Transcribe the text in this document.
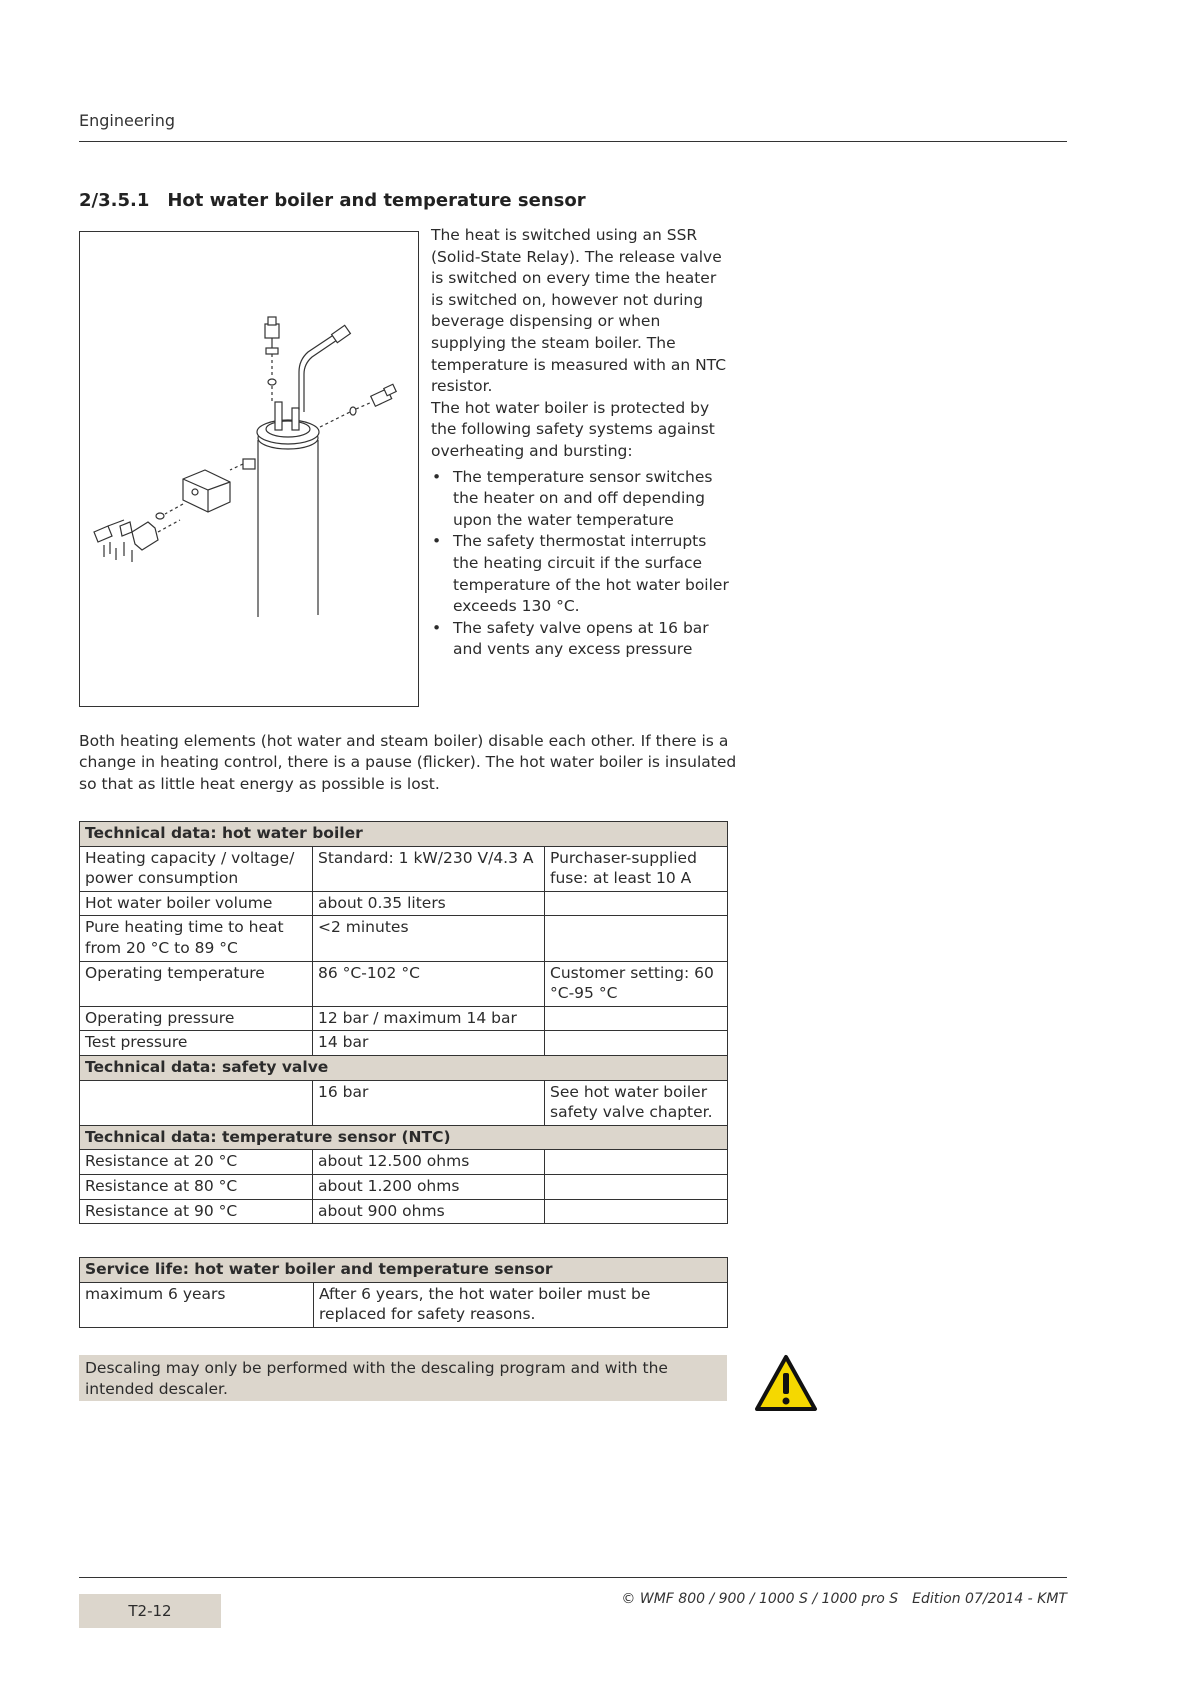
Engineering
2/3.5.1 Hot water boiler and temperature sensor

The heat is switched using an SSR (Solid-State Relay). The release valve is switched on every time the heater is switched on, however not during beverage dispensing or when supplying the steam boiler. The temperature is measured with an NTC resistor.

The hot water boiler is protected by the following safety systems against overheating and bursting:

• The temperature sensor switches the heater on and off depending upon the water temperature
• The safety thermostat interrupts the heating circuit if the surface temperature of the hot water boiler exceeds 130 °C.
• The safety valve opens at 16 bar and vents any excess pressure

Both heating elements (hot water and steam boiler) disable each other. If there is a change in heating control, there is a pause (flicker). The hot water boiler is insulated so that as little heat energy as possible is lost.

Technical data: hot water boiler		
Heating capacity / voltage/ power consumption	Standard: 1 kW/230 V/4.3 A	Purchaser-supplied fuse: at least 10 A
Hot water boiler volume	about 0.35 liters	
Pure heating time to heat from 20 °C to 89 °C	<2 minutes	
Operating temperature	86 °C-102 °C	Customer setting: 60 °C-95 °C
Operating pressure	12 bar / maximum 14 bar	
Test pressure	14 bar	
Technical data: safety valve		
	16 bar	See hot water boiler safety valve chapter.
Technical data: temperature sensor (NTC)		
Resistance at 20 °C	about 12.500 ohms	
Resistance at 80 °C	about 1.200 ohms	
Resistance at 90 °C	about 900 ohms	
Service life: hot water boiler and temperature sensor
maximum 6 years	After 6 years, the hot water boiler must be replaced for safety reasons.
Descaling may only be performed with the descaling program and with the intended descaler.
T2-12
© WMF 800 / 900 / 1000 S / 1000 pro S Edition 07/2014 - KMT
